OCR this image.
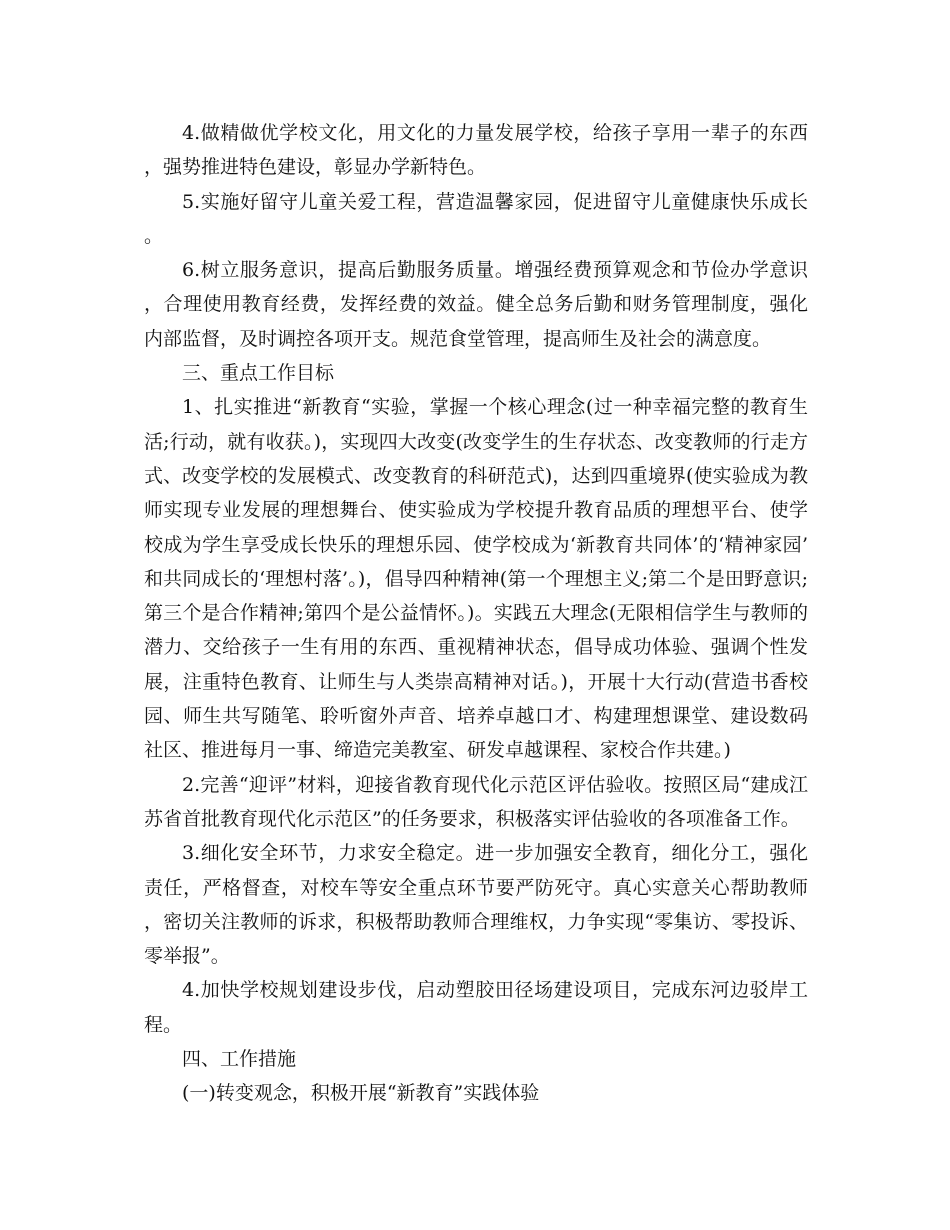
4.做精做优学校文化，用文化的力量发展学校，给孩子享用一辈子的东西，强势推进特色建设，彰显办学新特色。

5.实施好留守儿童关爱工程，营造温馨家园，促进留守儿童健康快乐成长。

6.树立服务意识，提高后勤服务质量。增强经费预算观念和节俭办学意识，合理使用教育经费，发挥经费的效益。健全总务后勤和财务管理制度，强化内部监督，及时调控各项开支。规范食堂管理，提高师生及社会的满意度。

三、重点工作目标

1、扎实推进“新教育“实验，掌握一个核心理念(过一种幸福完整的教育生活;行动，就有收获。)，实现四大改变(改变学生的生存状态、改变教师的行走方式、改变学校的发展模式、改变教育的科研范式)，达到四重境界(使实验成为教师实现专业发展的理想舞台、使实验成为学校提升教育品质的理想平台、使学校成为学生享受成长快乐的理想乐园、使学校成为‘新教育共同体’的‘精神家园’和共同成长的‘理想村落’。)，倡导四种精神(第一个理想主义;第二个是田野意识;第三个是合作精神;第四个是公益情怀。)。实践五大理念(无限相信学生与教师的潜力、交给孩子一生有用的东西、重视精神状态，倡导成功体验、强调个性发展，注重特色教育、让师生与人类崇高精神对话。)，开展十大行动(营造书香校园、师生共写随笔、聆听窗外声音、培养卓越口才、构建理想课堂、建设数码社区、推进每月一事、缔造完美教室、研发卓越课程、家校合作共建。)

2.完善“迎评”材料，迎接省教育现代化示范区评估验收。按照区局“建成江苏省首批教育现代化示范区”的任务要求，积极落实评估验收的各项准备工作。

3.细化安全环节，力求安全稳定。进一步加强安全教育，细化分工，强化责任，严格督查，对校车等安全重点环节要严防死守。真心实意关心帮助教师，密切关注教师的诉求，积极帮助教师合理维权，力争实现“零集访、零投诉、零举报”。

4.加快学校规划建设步伐，启动塑胶田径场建设项目，完成东河边驳岸工程。

四、工作措施

(一)转变观念，积极开展“新教育”实践体验
